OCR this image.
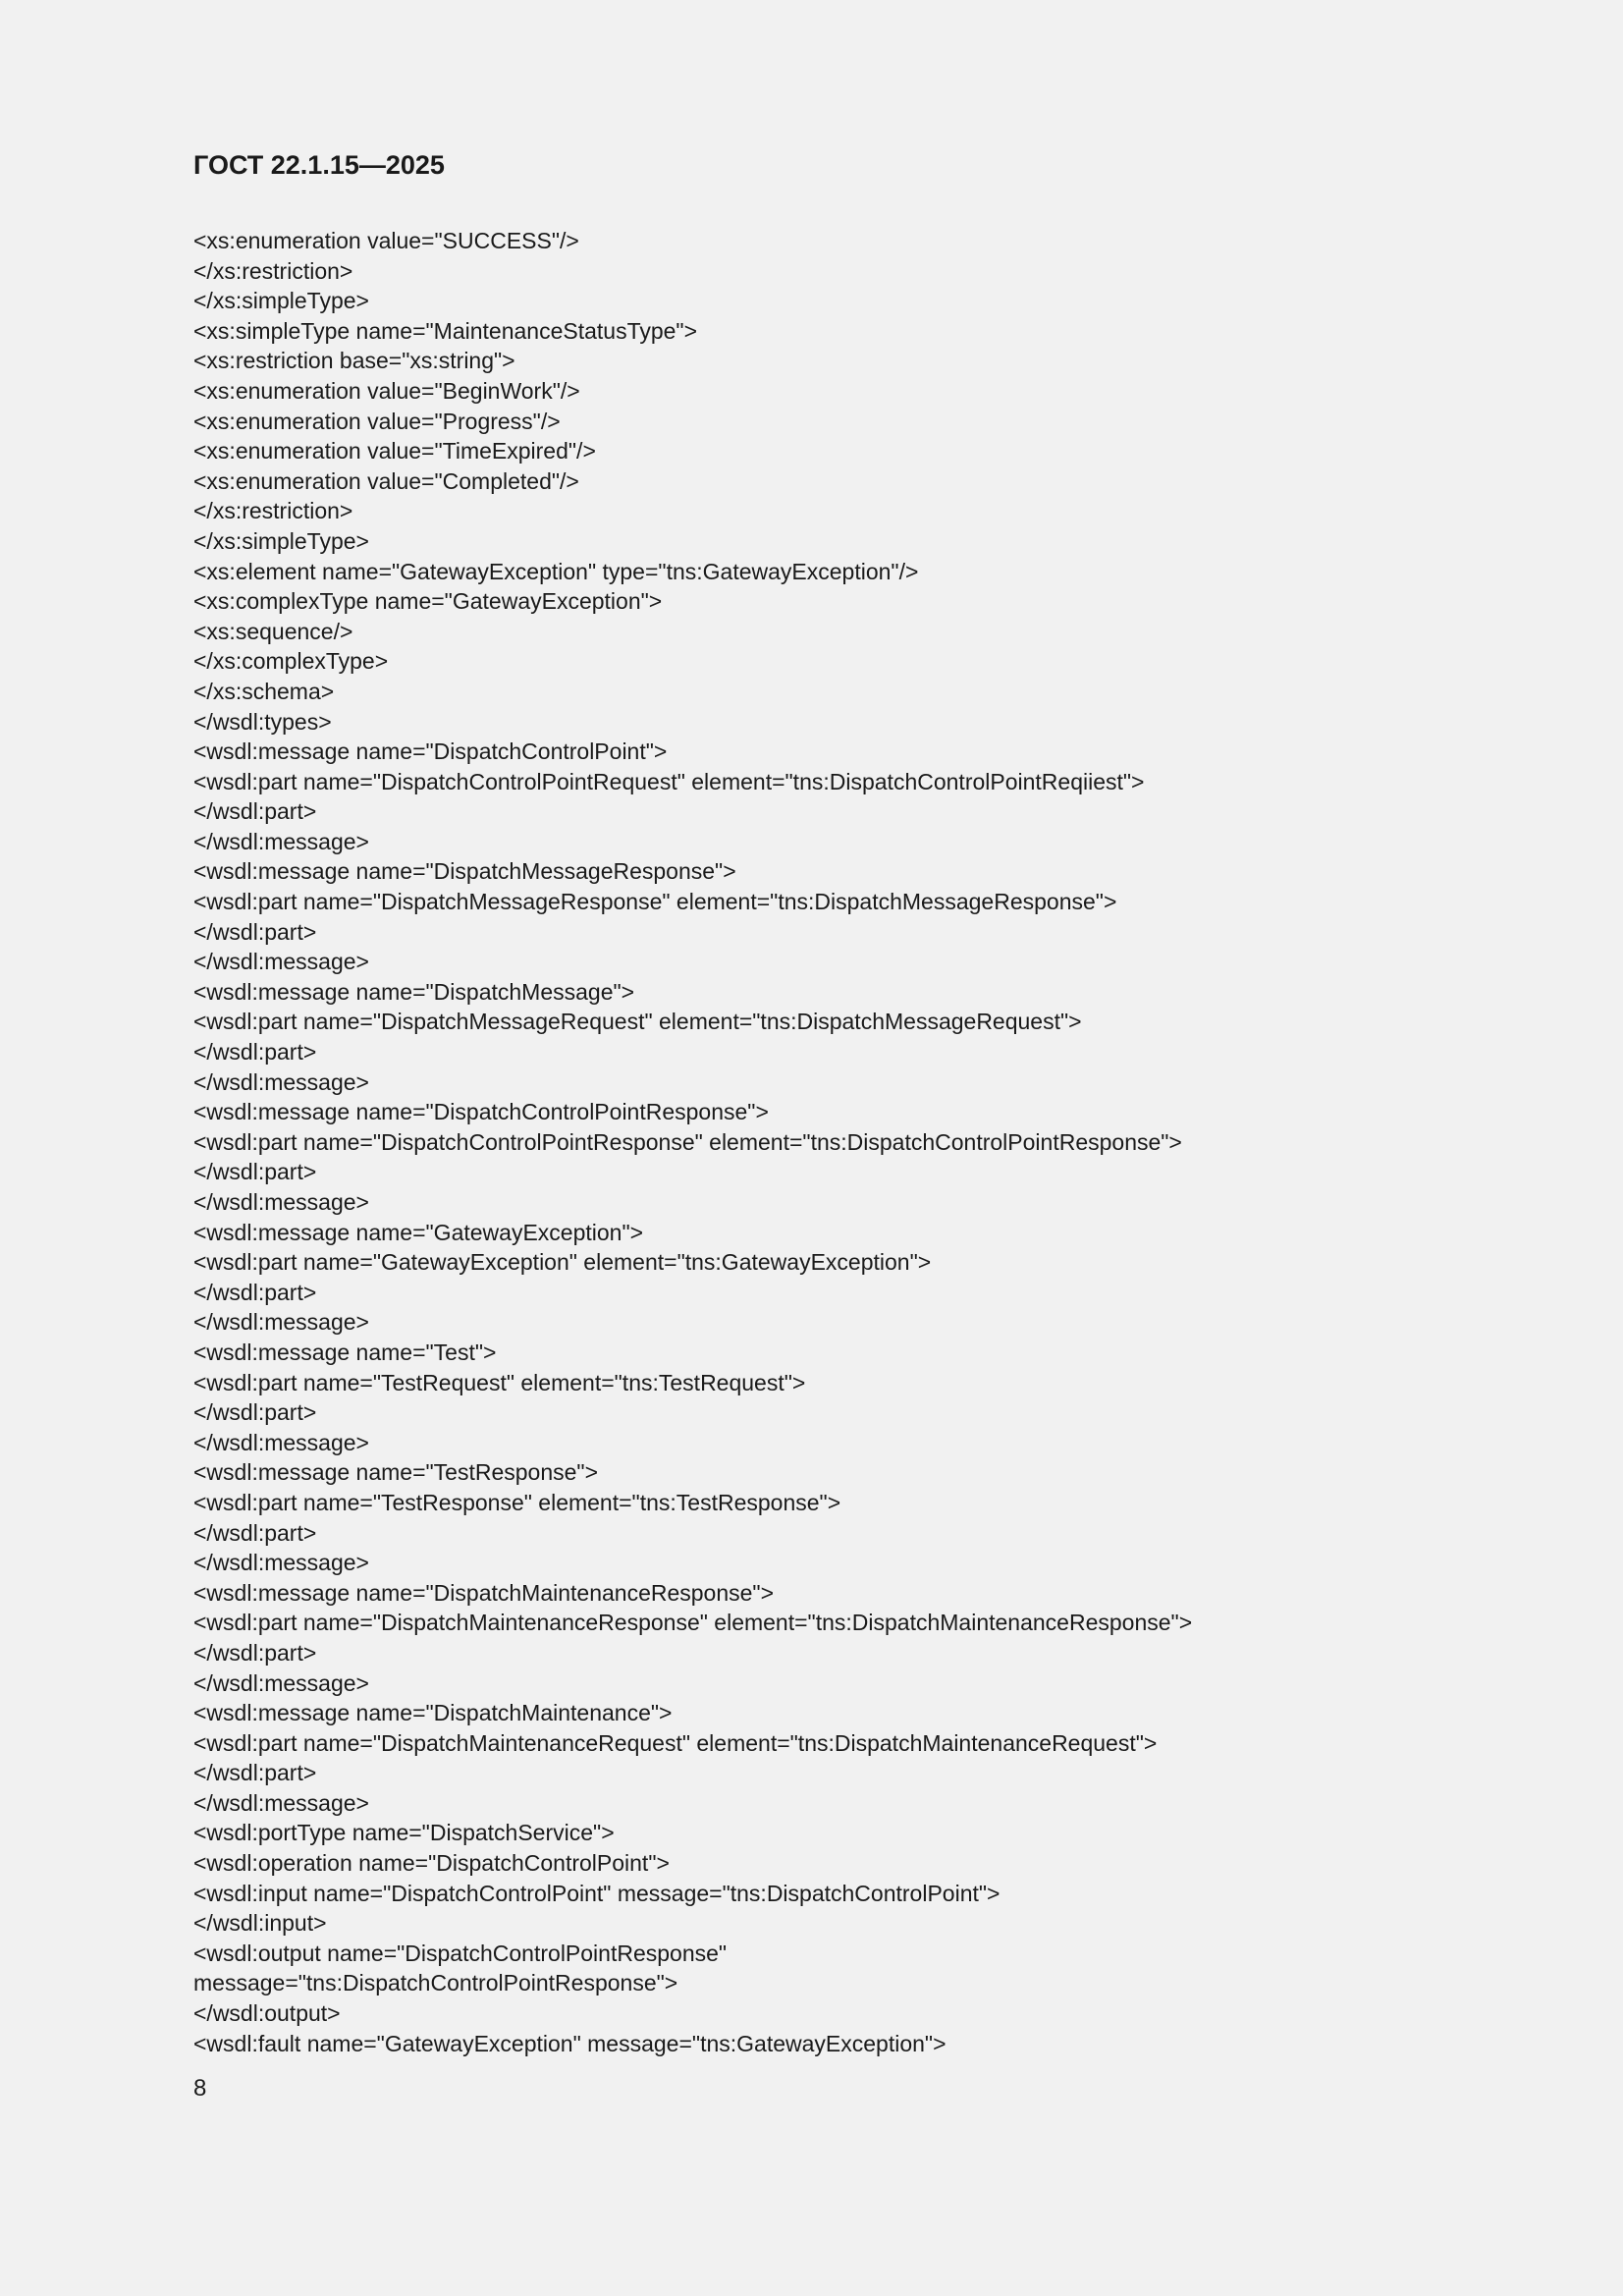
ГОСТ 22.1.15—2025
<xs:enumeration value="SUCCESS"/>
</xs:restriction>
</xs:simpleType>
<xs:simpleType name="MaintenanceStatusType">
<xs:restriction base="xs:string">
<xs:enumeration value="BeginWork"/>
<xs:enumeration value="Progress"/>
<xs:enumeration value="TimeExpired"/>
<xs:enumeration value="Completed"/>
</xs:restriction>
</xs:simpleType>
<xs:element name="GatewayException" type="tns:GatewayException"/>
<xs:complexType name="GatewayException">
<xs:sequence/>
</xs:complexType>
</xs:schema>
</wsdl:types>
<wsdl:message name="DispatchControlPoint">
<wsdl:part name="DispatchControlPointRequest" element="tns:DispatchControlPointReqiiest">
</wsdl:part>
</wsdl:message>
<wsdl:message name="DispatchMessageResponse">
<wsdl:part name="DispatchMessageResponse" element="tns:DispatchMessageResponse">
</wsdl:part>
</wsdl:message>
<wsdl:message name="DispatchMessage">
<wsdl:part name="DispatchMessageRequest" element="tns:DispatchMessageRequest">
</wsdl:part>
</wsdl:message>
<wsdl:message name="DispatchControlPointResponse">
<wsdl:part name="DispatchControlPointResponse" element="tns:DispatchControlPointResponse">
</wsdl:part>
</wsdl:message>
<wsdl:message name="GatewayException">
<wsdl:part name="GatewayException" element="tns:GatewayException">
</wsdl:part>
</wsdl:message>
<wsdl:message name="Test">
<wsdl:part name="TestRequest" element="tns:TestRequest">
</wsdl:part>
</wsdl:message>
<wsdl:message name="TestResponse">
<wsdl:part name="TestResponse" element="tns:TestResponse">
</wsdl:part>
</wsdl:message>
<wsdl:message name="DispatchMaintenanceResponse">
<wsdl:part name="DispatchMaintenanceResponse" element="tns:DispatchMaintenanceResponse">
</wsdl:part>
</wsdl:message>
<wsdl:message name="DispatchMaintenance">
<wsdl:part name="DispatchMaintenanceRequest" element="tns:DispatchMaintenanceRequest">
</wsdl:part>
</wsdl:message>
<wsdl:portType name="DispatchService">
<wsdl:operation name="DispatchControlPoint">
<wsdl:input name="DispatchControlPoint" message="tns:DispatchControlPoint">
</wsdl:input>
<wsdl:output name="DispatchControlPointResponse"
message="tns:DispatchControlPointResponse">
</wsdl:output>
<wsdl:fault name="GatewayException" message="tns:GatewayException">
8
